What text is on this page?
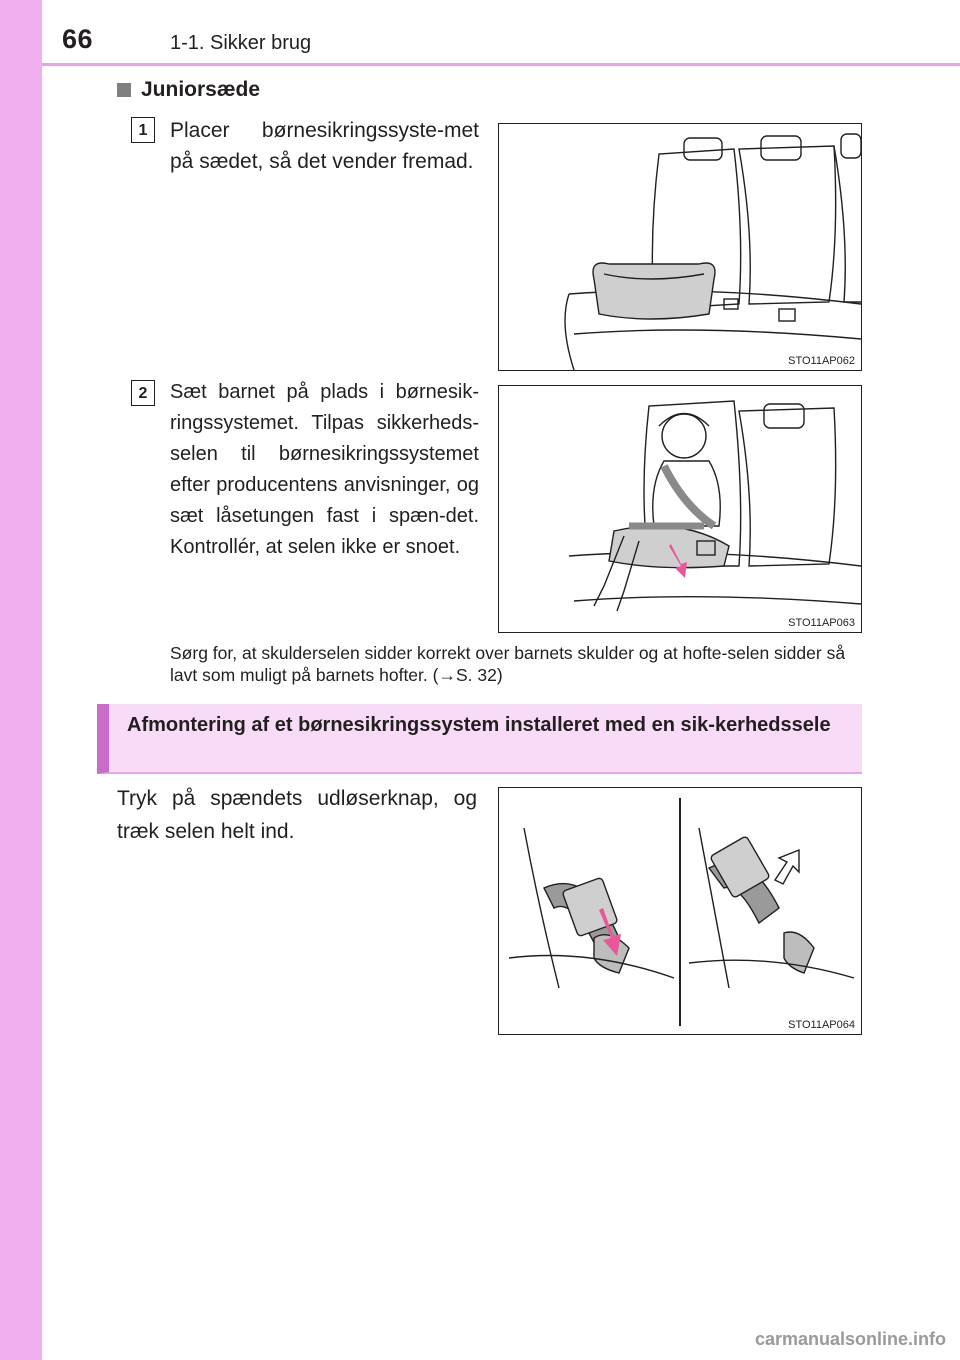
66	1-1. Sikker brug
Juniorsæde
1	Placer børnesikringssyste-met på sædet, så det vender fremad.
STO11AP062
2	Sæt barnet på plads i børnesik-ringssystemet. Tilpas sikkerheds-selen til børnesikringssystemet efter producentens anvisninger, og sæt låsetungen fast i spæn-det. Kontrollér, at selen ikke er snoet.
STO11AP063
Sørg for, at skulderselen sidder korrekt over barnets skulder og at hofte-selen sidder så lavt som muligt på barnets hofter. (→S. 32)
Afmontering af et børnesikringssystem installeret med en sik-kerhedssele
Tryk på spændets udløserknap, og træk selen helt ind.
STO11AP064
carmanualsonline.info
